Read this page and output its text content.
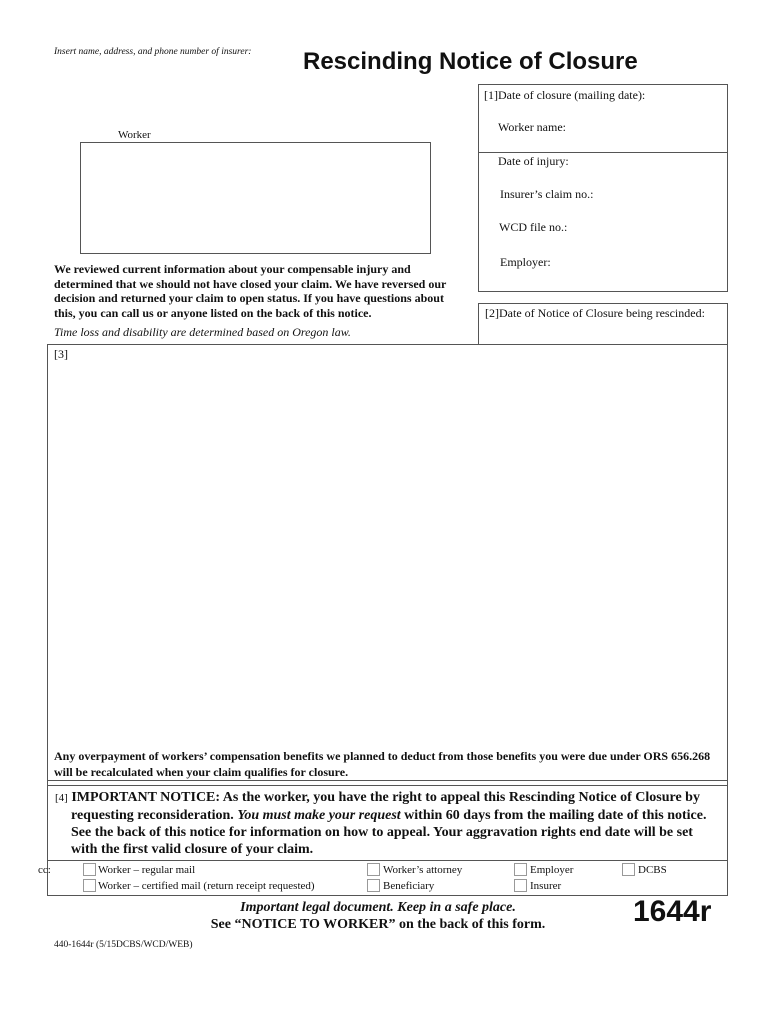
Insert name, address, and phone number of insurer: Rescinding Notice of Closure
Worker
[1]Date of closure (mailing date):
Worker name:
Date of injury:
Insurer’s claim no.:
WCD file no.:
Employer:
[2]Date of Notice of Closure being rescinded:
We reviewed current information about your compensable injury and determined that we should not have closed your claim. We have reversed our decision and returned your claim to open status. If you have questions about this, you can call us or anyone listed on the back of this notice.
Time loss and disability are determined based on Oregon law.
[3]
Any overpayment of workers’ compensation benefits we planned to deduct from those benefits you were due under ORS 656.268 will be recalculated when your claim qualifies for closure.
[4] IMPORTANT NOTICE: As the worker, you have the right to appeal this Rescinding Notice of Closure by requesting reconsideration. You must make your request within 60 days from the mailing date of this notice. See the back of this notice for information on how to appeal. Your aggravation rights end date will be set with the first valid closure of your claim.
cc:	Worker – regular mail
Worker – certified mail (return receipt requested)
Worker’s attorney
Beneficiary
Employer
Insurer
DCBS
Important legal document. Keep in a safe place.
See “NOTICE TO WORKER” on the back of this form.	1644r
440-1644r (5/15DCBS/WCD/WEB)
